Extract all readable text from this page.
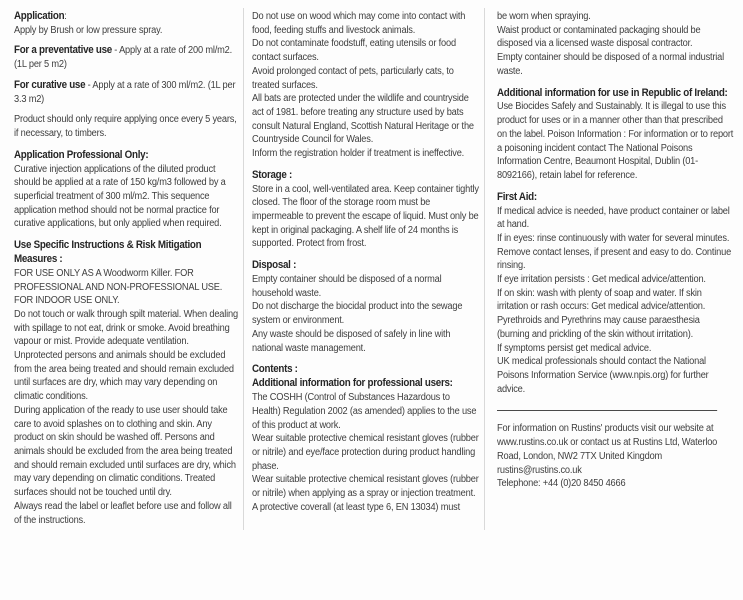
Application:

Apply by Brush or low pressure spray.

For a preventative use - Apply at a rate of 200 ml/m2. (1L per 5 m2)

For curative use - Apply at a rate of 300 ml/m2. (1L per 3.3 m2)

Product should only require applying once every 5 years, if necessary, to timbers.

Application Professional Only:

Curative injection applications of the diluted product should be applied at a rate of 150 kg/m3 followed by a superficial treatment of 300 ml/m2. This sequence application method should not be normal practice for curative applications, but only applied when required.

Use Specific Instructions & Risk Mitigation Measures :

FOR USE ONLY AS A Woodworm Killer. FOR PROFESSIONAL AND NON-PROFESSIONAL USE. FOR INDOOR USE ONLY.

Do not touch or walk through spilt material. When dealing with spillage to not eat, drink or smoke. Avoid breathing vapour or mist. Provide adequate ventilation.

Unprotected persons and animals should be excluded from the area being treated and should remain excluded until surfaces are dry, which may vary depending on climatic conditions.

During application of the ready to use user should take care to avoid splashes on to clothing and skin. Any product on skin should be washed off. Persons and animals should be excluded from the area being treated and should remain excluded until surfaces are dry, which may vary depending on climatic conditions. Treated surfaces should not be touched until dry.

Always read the label or leaflet before use and follow all of the instructions.

Do not use on wood which may come into contact with food, feeding stuffs and livestock animals.

Do not contaminate foodstuff, eating utensils or food contact surfaces.

Avoid prolonged contact of pets, particularly cats, to treated surfaces.

All bats are protected under the wildlife and countryside act of 1981. before treating any structure used by bats consult Natural England, Scottish Natural Heritage or the Countryside Council for Wales.

Inform the registration holder if treatment is ineffective.

Storage :

Store in a cool, well-ventilated area. Keep container tightly closed. The floor of the storage room must be impermeable to prevent the escape of liquid. Must only be kept in original packaging. A shelf life of 24 months is supported. Protect from frost.

Disposal :

Empty container should be disposed of a normal household waste.

Do not discharge the biocidal product into the sewage system or environment.

Any waste should be disposed of safely in line with national waste management.

Contents :
Additional information for professional users:

The COSHH (Control of Substances Hazardous to Health) Regulation 2002 (as amended) applies to the use of this product at work.

Wear suitable protective chemical resistant gloves (rubber or nitrile) and eye/face protection during product handling phase.

Wear suitable protective chemical resistant gloves (rubber or nitrile) when applying as a spray or injection treatment.

A protective coverall (at least type 6, EN 13034) must

be worn when spraying.

Waist product or contaminated packaging should be disposed via a licensed waste disposal contractor.

Empty container should be disposed of a normal industrial waste.

Additional information for use in Republic of Ireland:

Use Biocides Safely and Sustainably. It is illegal to use this product for uses or in a manner other than that prescribed on the label. Poison Information : For information or to report a poisoning incident contact The National Poisons Information Centre, Beaumont Hospital, Dublin (01-8092166), retain label for reference.

First Aid:

If medical advice is needed, have product container or label at hand.

If in eyes: rinse continuously with water for several minutes. Remove contact lenses, if present and easy to do. Continue rinsing.

If eye irritation persists : Get medical advice/attention.

If on skin: wash with plenty of soap and water. If skin irritation or rash occurs: Get medical advice/attention.

Pyrethroids and Pyrethrins may cause paraesthesia (burning and prickling of the skin without irritation).

If symptoms persist get medical advice.

UK medical professionals should contact the National Poisons Information Service (www.npis.org) for further advice.

For information on Rustins' products visit our website at www.rustins.co.uk or contact us at Rustins Ltd, Waterloo Road, London, NW2 7TX United Kingdom

rustins@rustins.co.uk

Telephone: +44 (0)20 8450 4666
